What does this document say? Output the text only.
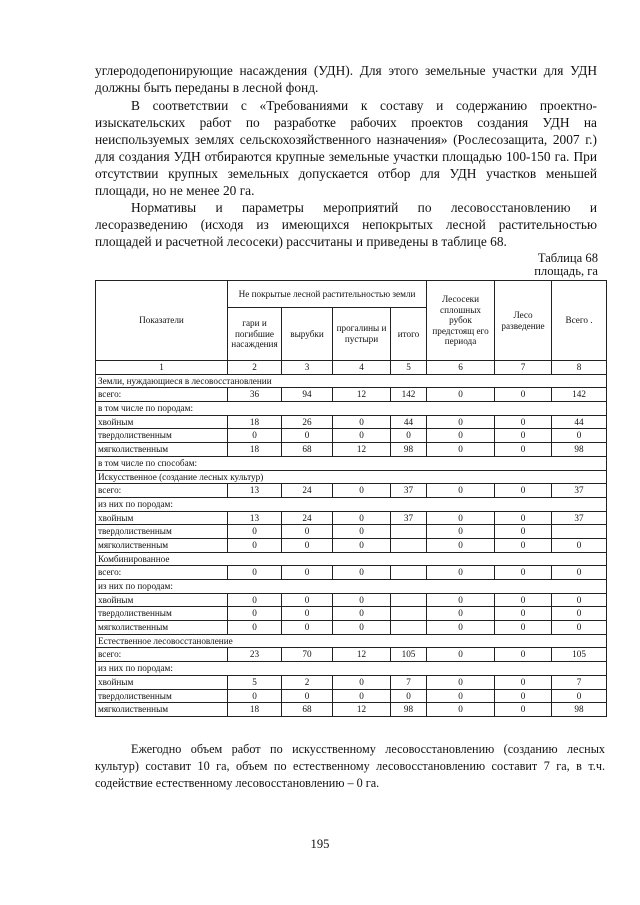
углерододепонирующие насаждения (УДН). Для этого земельные участки для УДН должны быть переданы в лесной фонд.

В соответствии с «Требованиями к составу и содержанию проектно-изыскательских работ по разработке рабочих проектов создания УДН на неиспользуемых землях сельскохозяйственного назначения» (Рослесозащита, 2007 г.) для создания УДН отбираются крупные земельные участки площадью 100-150 га. При отсутствии крупных земельных допускается отбор для УДН участков меньшей площади, но не менее 20 га.

Нормативы и параметры мероприятий по лесовосстановлению и лесоразведению (исходя из имеющихся непокрытых лесной растительностью площадей и расчетной лесосеки) рассчитаны и приведены в таблице 68.

Таблица 68
площадь, га
Показатели	Не покрытые лесной растительностью земли				Лесосеки сплошных рубок предстоящ его периода	Лесо разведение	Всего .
	гари и погибшие насаждения	вырубки	прогалины и пустыри	итого			
1	2	3	4	5	6	7	8
Земли, нуждающиеся в лесовосстановлении							
всего:	36	94	12	142	0	0	142
в том числе по породам:							
хвойным	18	26	0	44	0	0	44
твердолиственным	0	0	0	0	0	0	0
мягколиственным	18	68	12	98	0	0	98
в том числе по способам:							
Искусственное (создание лесных культур)							
всего:	13	24	0	37	0	0	37
из них по породам:							
хвойным	13	24	0	37	0	0	37
твердолиственным	0	0	0		0	0	
мягколиственным	0	0	0		0	0	0
Комбинированное							
всего:	0	0	0		0	0	0
из них по породам:							
хвойным	0	0	0		0	0	0
твердолиственным	0	0	0		0	0	0
мягколиственным	0	0	0		0	0	0
Естественное лесовосстановление							
всего:	23	70	12	105	0	0	105
из них по породам:							
хвойным	5	2	0	7	0	0	7
твердолиственным	0	0	0	0	0	0	0
мягколиственным	18	68	12	98	0	0	98

Ежегодно объем работ по искусственному лесовосстановлению (созданию лесных культур) составит 10 га, объем по естественному лесовосстановлению составит 7 га, в т.ч. содействие естественному лесовосстановлению – 0 га.

195
